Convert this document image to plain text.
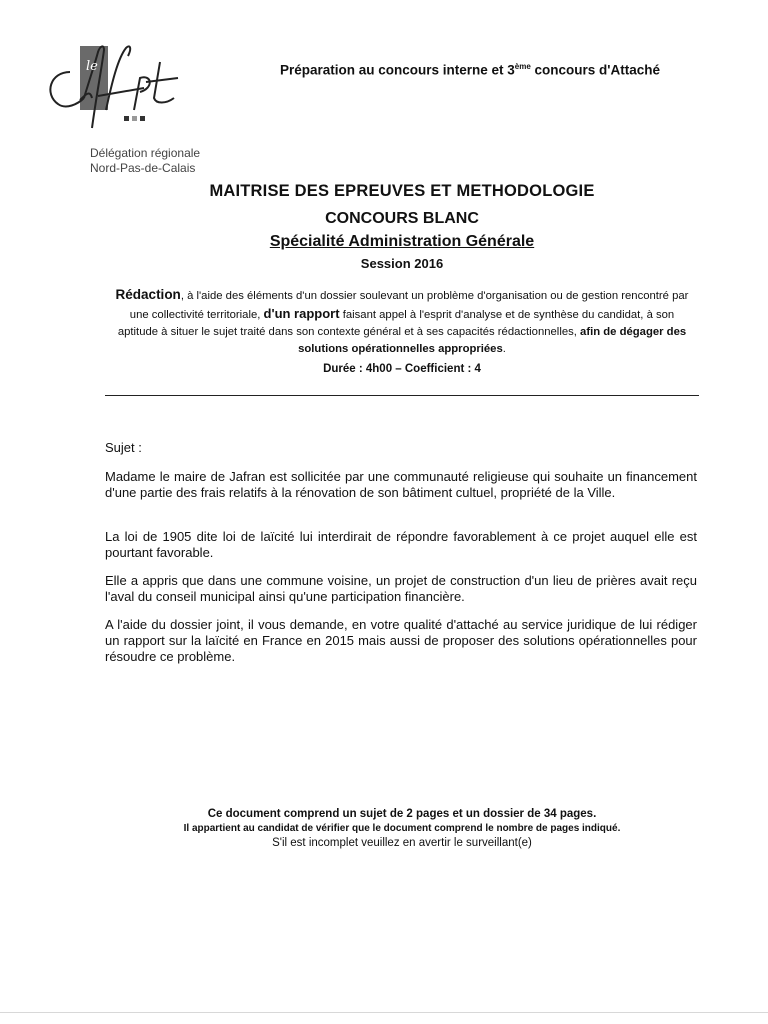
le	Préparation au concours interne et 3ème concours d'Attaché
Délégation régionale
Nord-Pas-de-Calais
MAITRISE DES EPREUVES ET METHODOLOGIE
CONCOURS BLANC
Spécialité Administration Générale
Session 2016
Rédaction, à l'aide des éléments d'un dossier soulevant un problème d'organisation ou de gestion rencontré par une collectivité territoriale, d'un rapport faisant appel à l'esprit d'analyse et de synthèse du candidat, à son aptitude à situer le sujet traité dans son contexte général et à ses capacités rédactionnelles, afin de dégager des solutions opérationnelles appropriées.
Durée : 4h00 – Coefficient : 4
Sujet :
Madame le maire de Jafran est sollicitée par une communauté religieuse qui souhaite un financement d'une partie des frais relatifs à la rénovation de son bâtiment cultuel, propriété de la Ville.
La loi de 1905 dite loi de laïcité lui interdirait de répondre favorablement à ce projet auquel elle est pourtant favorable.
Elle a appris que dans une commune voisine, un projet de construction d'un lieu de prières avait reçu l'aval du conseil municipal ainsi qu'une participation financière.
A l'aide du dossier joint, il vous demande, en votre qualité d'attaché au service juridique de lui rédiger un rapport sur la laïcité en France en 2015 mais aussi de proposer des solutions opérationnelles pour résoudre ce problème.
Ce document comprend un sujet de 2 pages et un dossier de 34 pages.
Il appartient au candidat de vérifier que le document comprend le nombre de pages indiqué.
S'il est incomplet veuillez en avertir le surveillant(e)
